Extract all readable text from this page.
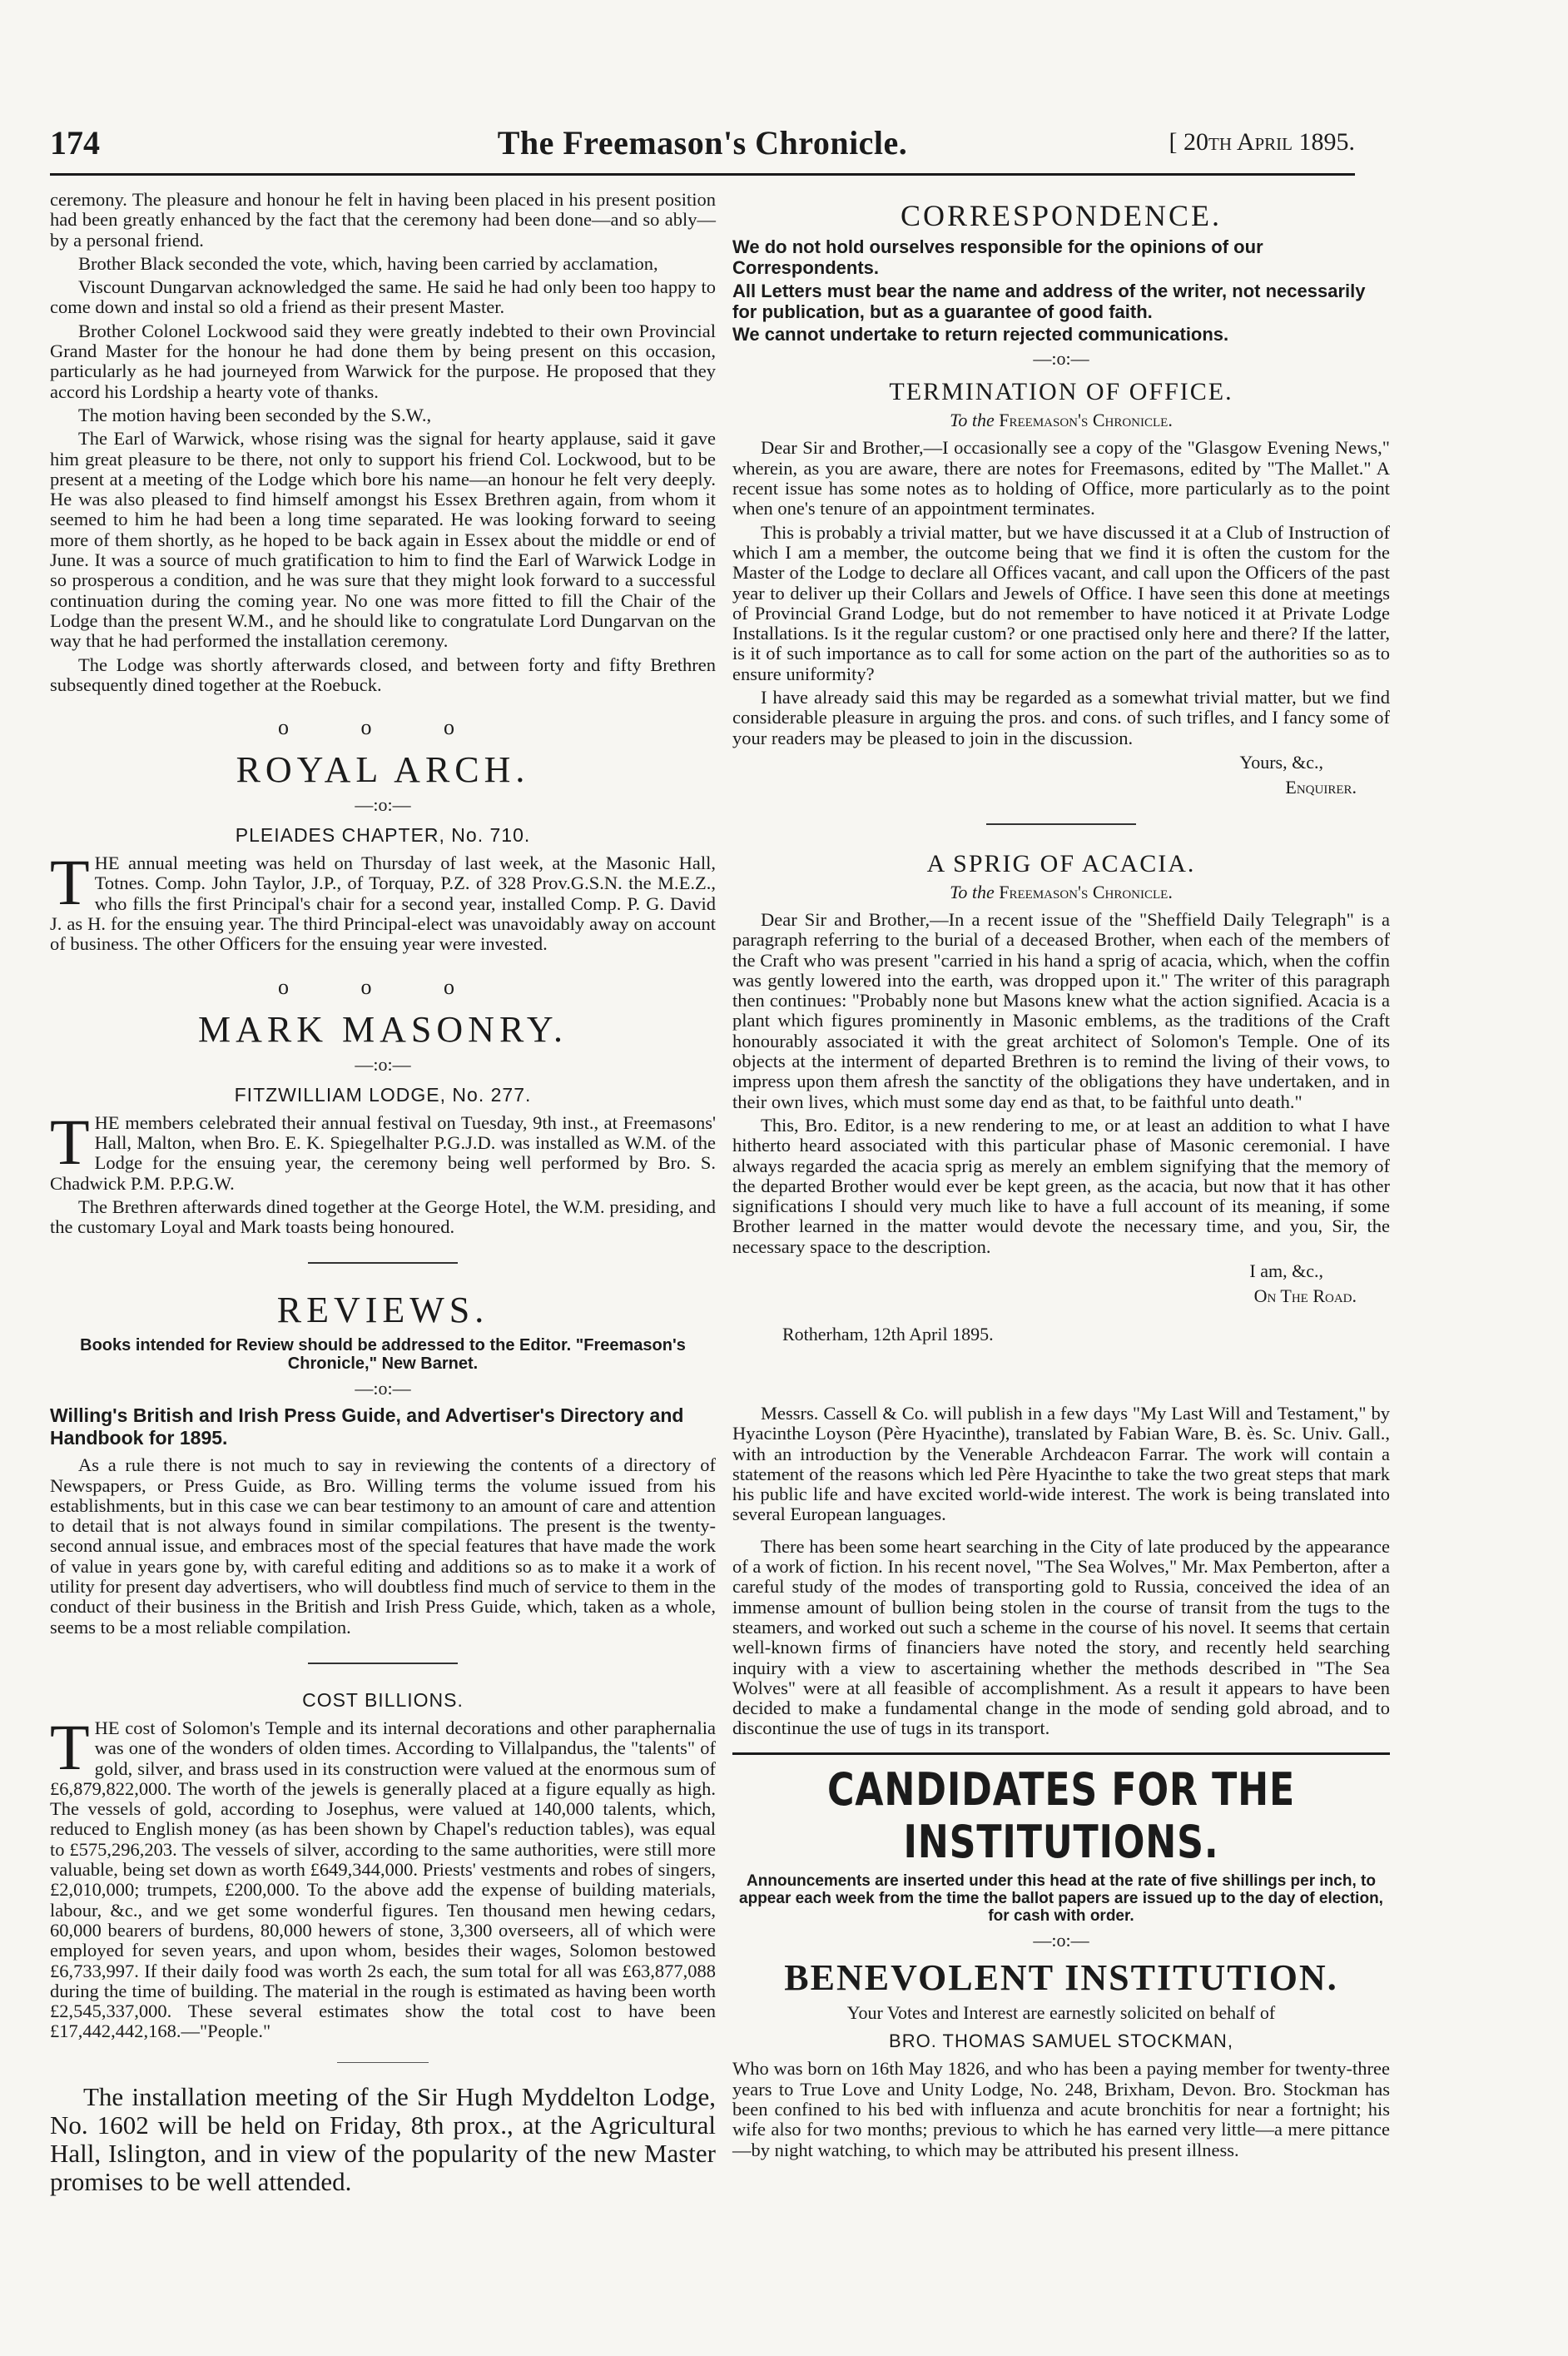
174	The Freemason's Chronicle.	[ 20th April 1895.

ceremony. The pleasure and honour he felt in having been placed in his present position had been greatly enhanced by the fact that the ceremony had been done—and so ably—by a personal friend.

Brother Black seconded the vote, which, having been carried by acclamation,

Viscount Dungarvan acknowledged the same. He said he had only been too happy to come down and instal so old a friend as their present Master.

Brother Colonel Lockwood said they were greatly indebted to their own Provincial Grand Master for the honour he had done them by being present on this occasion, particularly as he had journeyed from Warwick for the purpose. He proposed that they accord his Lordship a hearty vote of thanks.

The motion having been seconded by the S.W.,

The Earl of Warwick, whose rising was the signal for hearty applause, said it gave him great pleasure to be there, not only to support his friend Col. Lockwood, but to be present at a meeting of the Lodge which bore his name—an honour he felt very deeply. He was also pleased to find himself amongst his Essex Brethren again, from whom it seemed to him he had been a long time separated. He was looking forward to seeing more of them shortly, as he hoped to be back again in Essex about the middle or end of June. It was a source of much gratification to him to find the Earl of Warwick Lodge in so prosperous a condition, and he was sure that they might look forward to a successful continuation during the coming year. No one was more fitted to fill the Chair of the Lodge than the present W.M., and he should like to congratulate Lord Dungarvan on the way that he had performed the installation ceremony.

The Lodge was shortly afterwards closed, and between forty and fifty Brethren subsequently dined together at the Roebuck.

o o o
ROYAL ARCH.
—:o:—
PLEIADES CHAPTER, No. 710.

THE annual meeting was held on Thursday of last week, at the Masonic Hall, Totnes. Comp. John Taylor, J.P., of Torquay, P.Z. of 328 Prov.G.S.N. the M.E.Z., who fills the first Principal's chair for a second year, installed Comp. P. G. David J. as H. for the ensuing year. The third Principal-elect was unavoidably away on account of business. The other Officers for the ensuing year were invested.

o o o
MARK MASONRY.
—:o:—
FITZWILLIAM LODGE, No. 277.

THE members celebrated their annual festival on Tuesday, 9th inst., at Freemasons' Hall, Malton, when Bro. E. K. Spiegelhalter P.G.J.D. was installed as W.M. of the Lodge for the ensuing year, the ceremony being well performed by Bro. S. Chadwick P.M. P.P.G.W.

The Brethren afterwards dined together at the George Hotel, the W.M. presiding, and the customary Loyal and Mark toasts being honoured.

REVIEWS.
Books intended for Review should be addressed to the Editor. "Freemason's Chronicle," New Barnet.
—:o:—
Willing's British and Irish Press Guide, and Advertiser's Directory and Handbook for 1895.

As a rule there is not much to say in reviewing the contents of a directory of Newspapers, or Press Guide, as Bro. Willing terms the volume issued from his establishments, but in this case we can bear testimony to an amount of care and attention to detail that is not always found in similar compilations. The present is the twenty-second annual issue, and embraces most of the special features that have made the work of value in years gone by, with careful editing and additions so as to make it a work of utility for present day advertisers, who will doubtless find much of service to them in the conduct of their business in the British and Irish Press Guide, which, taken as a whole, seems to be a most reliable compilation.

COST BILLIONS.

THE cost of Solomon's Temple and its internal decorations and other paraphernalia was one of the wonders of olden times. According to Villalpandus, the "talents" of gold, silver, and brass used in its construction were valued at the enormous sum of £6,879,822,000. The worth of the jewels is generally placed at a figure equally as high. The vessels of gold, according to Josephus, were valued at 140,000 talents, which, reduced to English money (as has been shown by Chapel's reduction tables), was equal to £575,296,203. The vessels of silver, according to the same authorities, were still more valuable, being set down as worth £649,344,000. Priests' vestments and robes of singers, £2,010,000; trumpets, £200,000. To the above add the expense of building materials, labour, &c., and we get some wonderful figures. Ten thousand men hewing cedars, 60,000 bearers of burdens, 80,000 hewers of stone, 3,300 overseers, all of which were employed for seven years, and upon whom, besides their wages, Solomon bestowed £6,733,997. If their daily food was worth 2s each, the sum total for all was £63,877,088 during the time of building. The material in the rough is estimated as having been worth £2,545,337,000. These several estimates show the total cost to have been £17,442,442,168.—"People."

The installation meeting of the Sir Hugh Myddelton Lodge, No. 1602 will be held on Friday, 8th prox., at the Agricultural Hall, Islington, and in view of the popularity of the new Master promises to be well attended.

CORRESPONDENCE.
We do not hold ourselves responsible for the opinions of our Correspondents.
All Letters must bear the name and address of the writer, not necessarily for publication, but as a guarantee of good faith.
We cannot undertake to return rejected communications.
—:o:—
TERMINATION OF OFFICE.
To the Freemason's Chronicle.

Dear Sir and Brother,—I occasionally see a copy of the "Glasgow Evening News," wherein, as you are aware, there are notes for Freemasons, edited by "The Mallet." A recent issue has some notes as to holding of Office, more particularly as to the point when one's tenure of an appointment terminates.

This is probably a trivial matter, but we have discussed it at a Club of Instruction of which I am a member, the outcome being that we find it is often the custom for the Master of the Lodge to declare all Offices vacant, and call upon the Officers of the past year to deliver up their Collars and Jewels of Office. I have seen this done at meetings of Provincial Grand Lodge, but do not remember to have noticed it at Private Lodge Installations. Is it the regular custom? or one practised only here and there? If the latter, is it of such importance as to call for some action on the part of the authorities so as to ensure uniformity?

I have already said this may be regarded as a somewhat trivial matter, but we find considerable pleasure in arguing the pros. and cons. of such trifles, and I fancy some of your readers may be pleased to join in the discussion.

Yours, &c.,
Enquirer.
A SPRIG OF ACACIA.
To the Freemason's Chronicle.

Dear Sir and Brother,—In a recent issue of the "Sheffield Daily Telegraph" is a paragraph referring to the burial of a deceased Brother, when each of the members of the Craft who was present "carried in his hand a sprig of acacia, which, when the coffin was gently lowered into the earth, was dropped upon it." The writer of this paragraph then continues: "Probably none but Masons knew what the action signified. Acacia is a plant which figures prominently in Masonic emblems, as the traditions of the Craft honourably associated it with the great architect of Solomon's Temple. One of its objects at the interment of departed Brethren is to remind the living of their vows, to impress upon them afresh the sanctity of the obligations they have undertaken, and in their own lives, which must some day end as that, to be faithful unto death."

This, Bro. Editor, is a new rendering to me, or at least an addition to what I have hitherto heard associated with this particular phase of Masonic ceremonial. I have always regarded the acacia sprig as merely an emblem signifying that the memory of the departed Brother would ever be kept green, as the acacia, but now that it has other significations I should very much like to have a full account of its meaning, if some Brother learned in the matter would devote the necessary time, and you, Sir, the necessary space to the description.

I am, &c.,
On The Road.
Rotherham, 12th April 1895.

Messrs. Cassell & Co. will publish in a few days "My Last Will and Testament," by Hyacinthe Loyson (Père Hyacinthe), translated by Fabian Ware, B. ès. Sc. Univ. Gall., with an introduction by the Venerable Archdeacon Farrar. The work will contain a statement of the reasons which led Père Hyacinthe to take the two great steps that mark his public life and have excited world-wide interest. The work is being translated into several European languages.

There has been some heart searching in the City of late produced by the appearance of a work of fiction. In his recent novel, "The Sea Wolves," Mr. Max Pemberton, after a careful study of the modes of transporting gold to Russia, conceived the idea of an immense amount of bullion being stolen in the course of transit from the tugs to the steamers, and worked out such a scheme in the course of his novel. It seems that certain well-known firms of financiers have noted the story, and recently held searching inquiry with a view to ascertaining whether the methods described in "The Sea Wolves" were at all feasible of accomplishment. As a result it appears to have been decided to make a fundamental change in the mode of sending gold abroad, and to discontinue the use of tugs in its transport.

CANDIDATES FOR THE INSTITUTIONS.
Announcements are inserted under this head at the rate of five shillings per inch, to appear each week from the time the ballot papers are issued up to the day of election, for cash with order.
—:o:—
BENEVOLENT INSTITUTION.
Your Votes and Interest are earnestly solicited on behalf of
BRO. THOMAS SAMUEL STOCKMAN,

Who was born on 16th May 1826, and who has been a paying member for twenty-three years to True Love and Unity Lodge, No. 248, Brixham, Devon. Bro. Stockman has been confined to his bed with influenza and acute bronchitis for near a fortnight; his wife also for two months; previous to which he has earned very little—a mere pittance—by night watching, to which may be attributed his present illness.
